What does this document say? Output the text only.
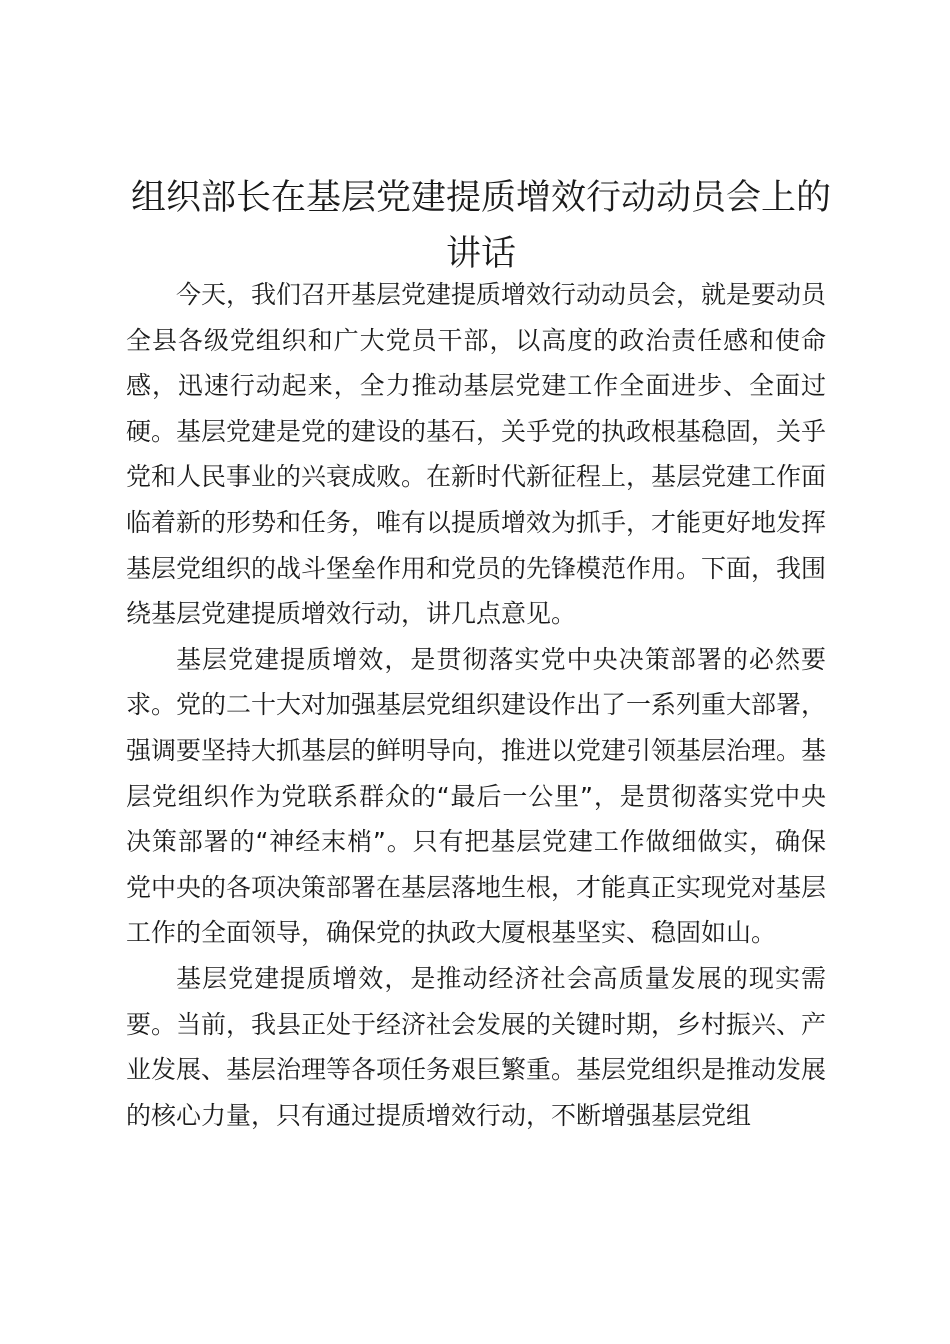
组织部长在基层党建提质增效行动动员会上的讲话

今天，我们召开基层党建提质增效行动动员会，就是要动员全县各级党组织和广大党员干部，以高度的政治责任感和使命感，迅速行动起来，全力推动基层党建工作全面进步、全面过硬。基层党建是党的建设的基石，关乎党的执政根基稳固，关乎党和人民事业的兴衰成败。在新时代新征程上，基层党建工作面临着新的形势和任务，唯有以提质增效为抓手，才能更好地发挥基层党组织的战斗堡垒作用和党员的先锋模范作用。下面，我围绕基层党建提质增效行动，讲几点意见。

基层党建提质增效，是贯彻落实党中央决策部署的必然要求。党的二十大对加强基层党组织建设作出了一系列重大部署，强调要坚持大抓基层的鲜明导向，推进以党建引领基层治理。基层党组织作为党联系群众的“最后一公里”，是贯彻落实党中央决策部署的“神经末梢”。只有把基层党建工作做细做实，确保党中央的各项决策部署在基层落地生根，才能真正实现党对基层工作的全面领导，确保党的执政大厦根基坚实、稳固如山。

基层党建提质增效，是推动经济社会高质量发展的现实需要。当前，我县正处于经济社会发展的关键时期，乡村振兴、产业发展、基层治理等各项任务艰巨繁重。基层党组织是推动发展的核心力量，只有通过提质增效行动，不断增强基层党组
